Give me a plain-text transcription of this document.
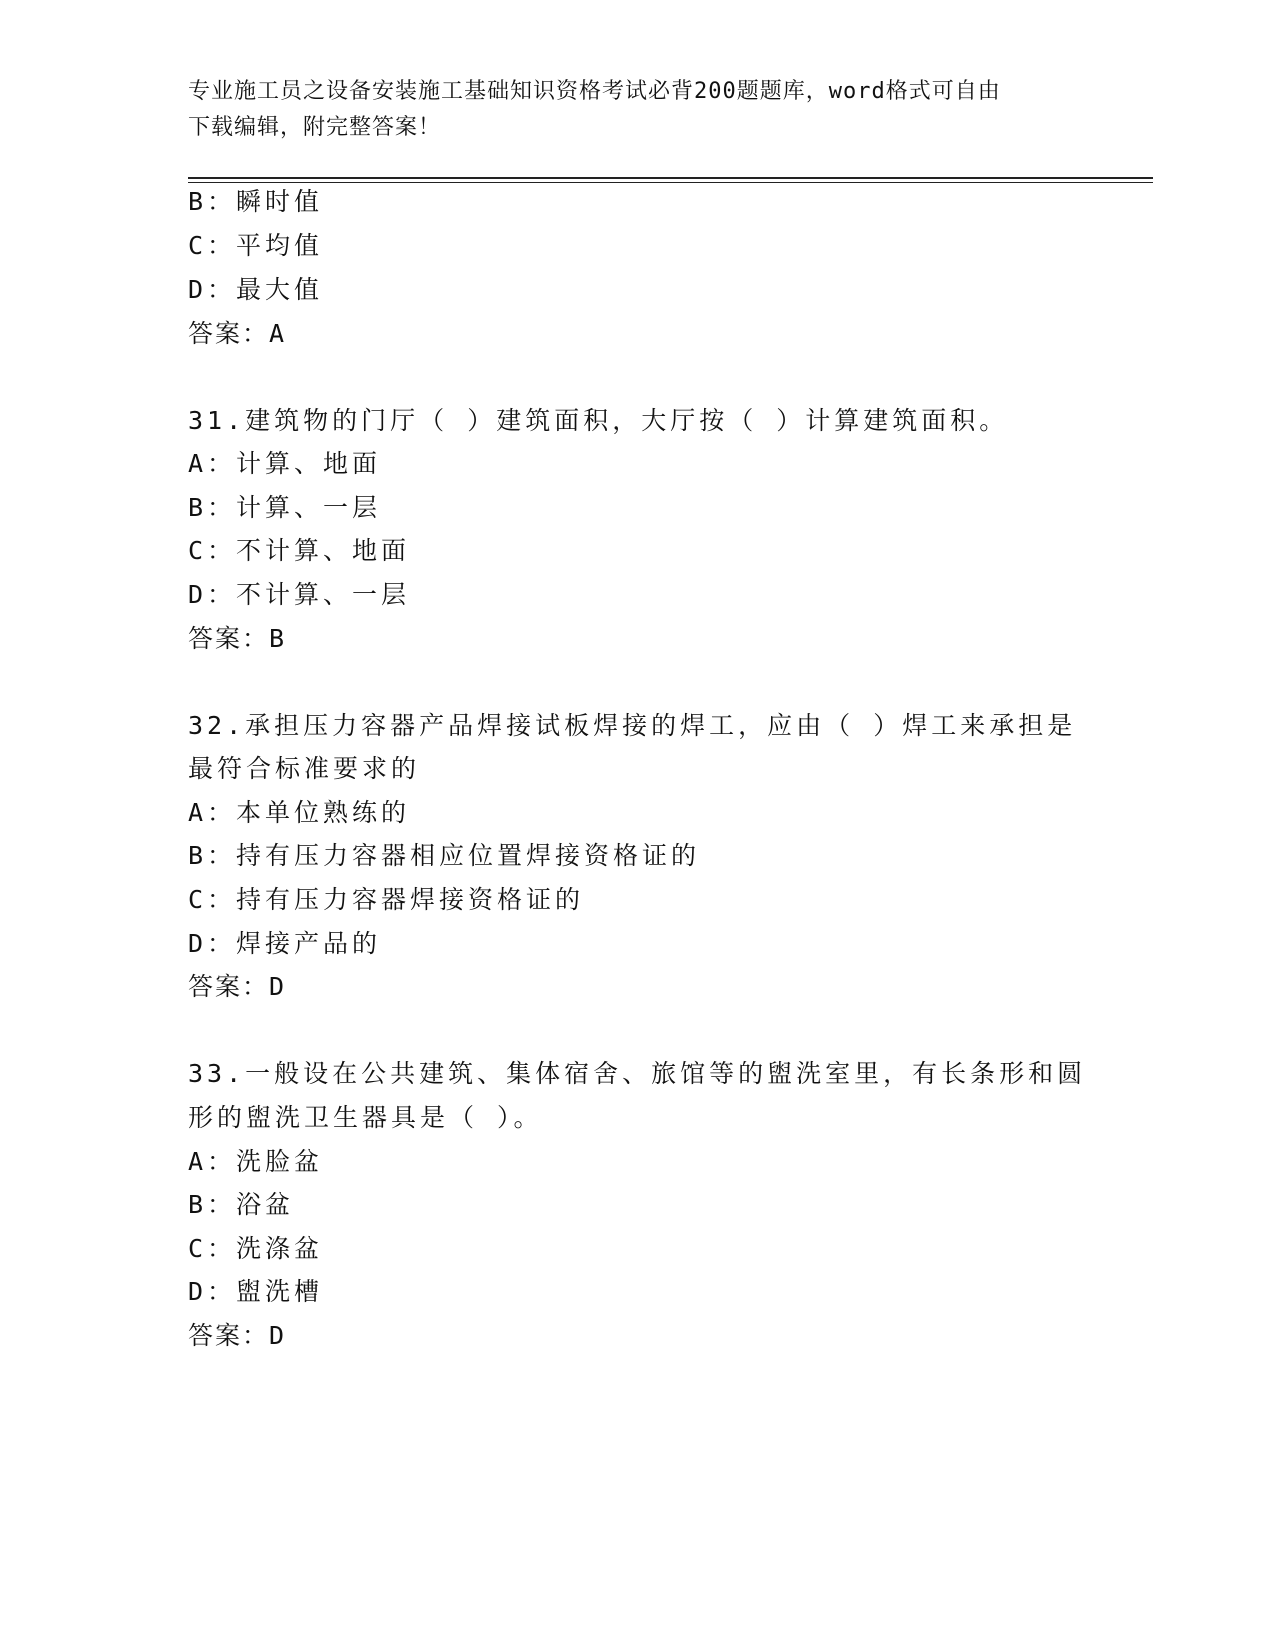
专业施工员之设备安装施工基础知识资格考试必背200题题库，word格式可自由
下载编辑，附完整答案！
B：瞬时值
C：平均值
D：最大值
答案：A
31.建筑物的门厅（ ）建筑面积，大厅按（ ）计算建筑面积。
A：计算、地面
B：计算、一层
C：不计算、地面
D：不计算、一层
答案：B
32.承担压力容器产品焊接试板焊接的焊工，应由（ ）焊工来承担是
最符合标准要求的
A：本单位熟练的
B：持有压力容器相应位置焊接资格证的
C：持有压力容器焊接资格证的
D：焊接产品的
答案：D
33.一般设在公共建筑、集体宿舍、旅馆等的盥洗室里，有长条形和圆
形的盥洗卫生器具是（ ）。
A：洗脸盆
B：浴盆
C：洗涤盆
D：盥洗槽
答案：D
